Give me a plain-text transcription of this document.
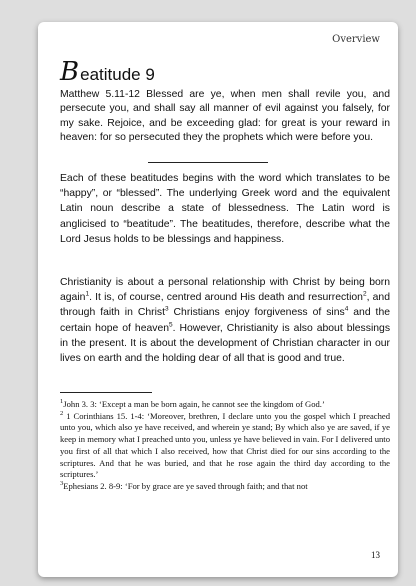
Overview
Beatitude 9

Matthew 5.11-12 Blessed are ye, when men shall revile you, and persecute you, and shall say all manner of evil against you falsely, for my sake. Rejoice, and be exceeding glad: for great is your reward in heaven: for so persecuted they the prophets which were before you.

Each of these beatitudes begins with the word which translates to be “happy”, or “blessed”. The underlying Greek word and the equivalent Latin noun describe a state of blessedness. The Latin word is anglicised to “beatitude”. The beatitudes, therefore, describe what the Lord Jesus holds to be blessings and happiness.

Christianity is about a personal relationship with Christ by being born again$^1$. It is, of course, centred around His death and resurrection$^2$, and through faith in Christ$^3$ Christians enjoy forgiveness of sins$^4$ and the certain hope of heaven$^5$. However, Christianity is also about blessings in the present. It is about the development of Christian character in our lives on earth and the holding dear of all that is good and true.

$^1$John 3. 3: ‘Except a man be born again, he cannot see the kingdom of God.’

$^2$ 1 Corinthians 15. 1-4: ‘Moreover, brethren, I declare unto you the gospel which I preached unto you, which also ye have received, and wherein ye stand; By which also ye are saved, if ye keep in memory what I preached unto you, unless ye have believed in vain. For I delivered unto you first of all that which I also received, how that Christ died for our sins according to the scriptures. And that he was buried, and that he rose again the third day according to the scriptures.’

$^3$Ephesians 2. 8-9: ‘For by grace are ye saved through faith; and that not

13
